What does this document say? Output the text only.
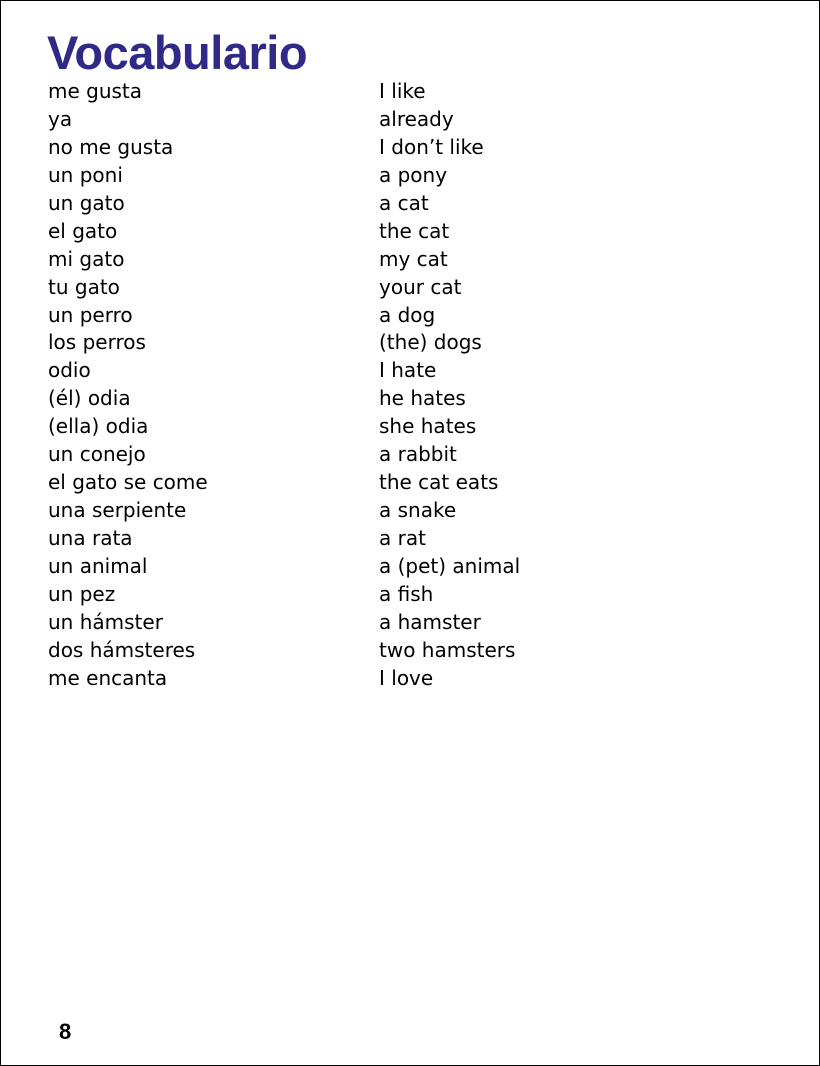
Vocabulario
me gusta	I like
ya	already
no me gusta	I don’t like
un poni	a pony
un gato	a cat
el gato	the cat
mi gato	my cat
tu gato	your cat
un perro	a dog
los perros	(the) dogs
odio	I hate
(él) odia	he hates
(ella) odia	she hates
un conejo	a rabbit
el gato se come	the cat eats
una serpiente	a snake
una rata	a rat
un animal	a (pet) animal
un pez	a fish
un hámster	a hamster
dos hámsteres	two hamsters
me encanta	I love
8
